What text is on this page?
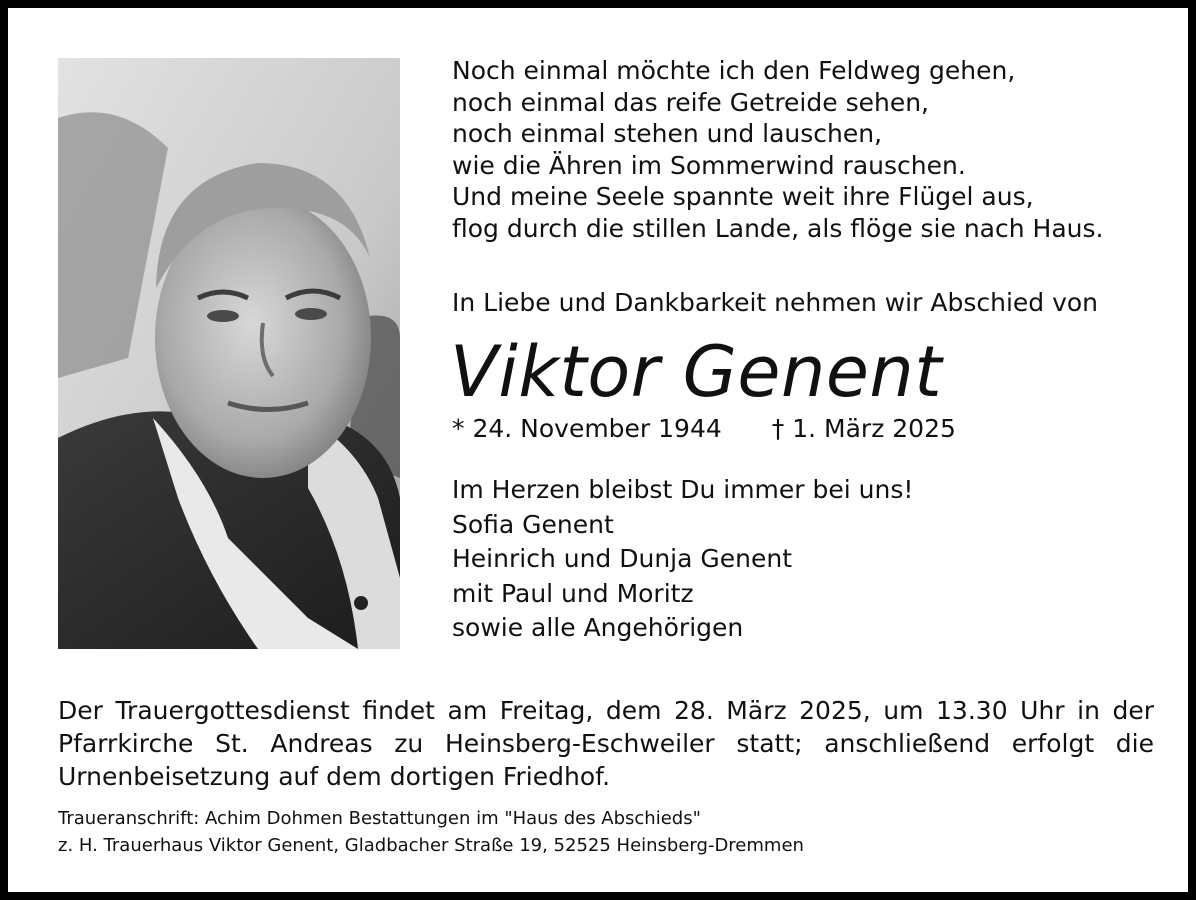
Noch einmal möchte ich den Feldweg gehen,
noch einmal das reife Getreide sehen,
noch einmal stehen und lauschen,
wie die Ähren im Sommerwind rauschen.
Und meine Seele spannte weit ihre Flügel aus,
flog durch die stillen Lande, als flöge sie nach Haus.
In Liebe und Dankbarkeit nehmen wir Abschied von
Viktor Genent
* 24. November 1944 † 1. März 2025
Im Herzen bleibst Du immer bei uns!
Sofia Genent
Heinrich und Dunja Genent
mit Paul und Moritz
sowie alle Angehörigen
Der Trauergottesdienst findet am Freitag, dem 28. März 2025, um 13.30 Uhr in der Pfarrkirche St. Andreas zu Heinsberg-Eschweiler statt; anschließend erfolgt die Urnenbeisetzung auf dem dortigen Friedhof.
Traueranschrift: Achim Dohmen Bestattungen im "Haus des Abschieds"
z. H. Trauerhaus Viktor Genent, Gladbacher Straße 19, 52525 Heinsberg-Dremmen
